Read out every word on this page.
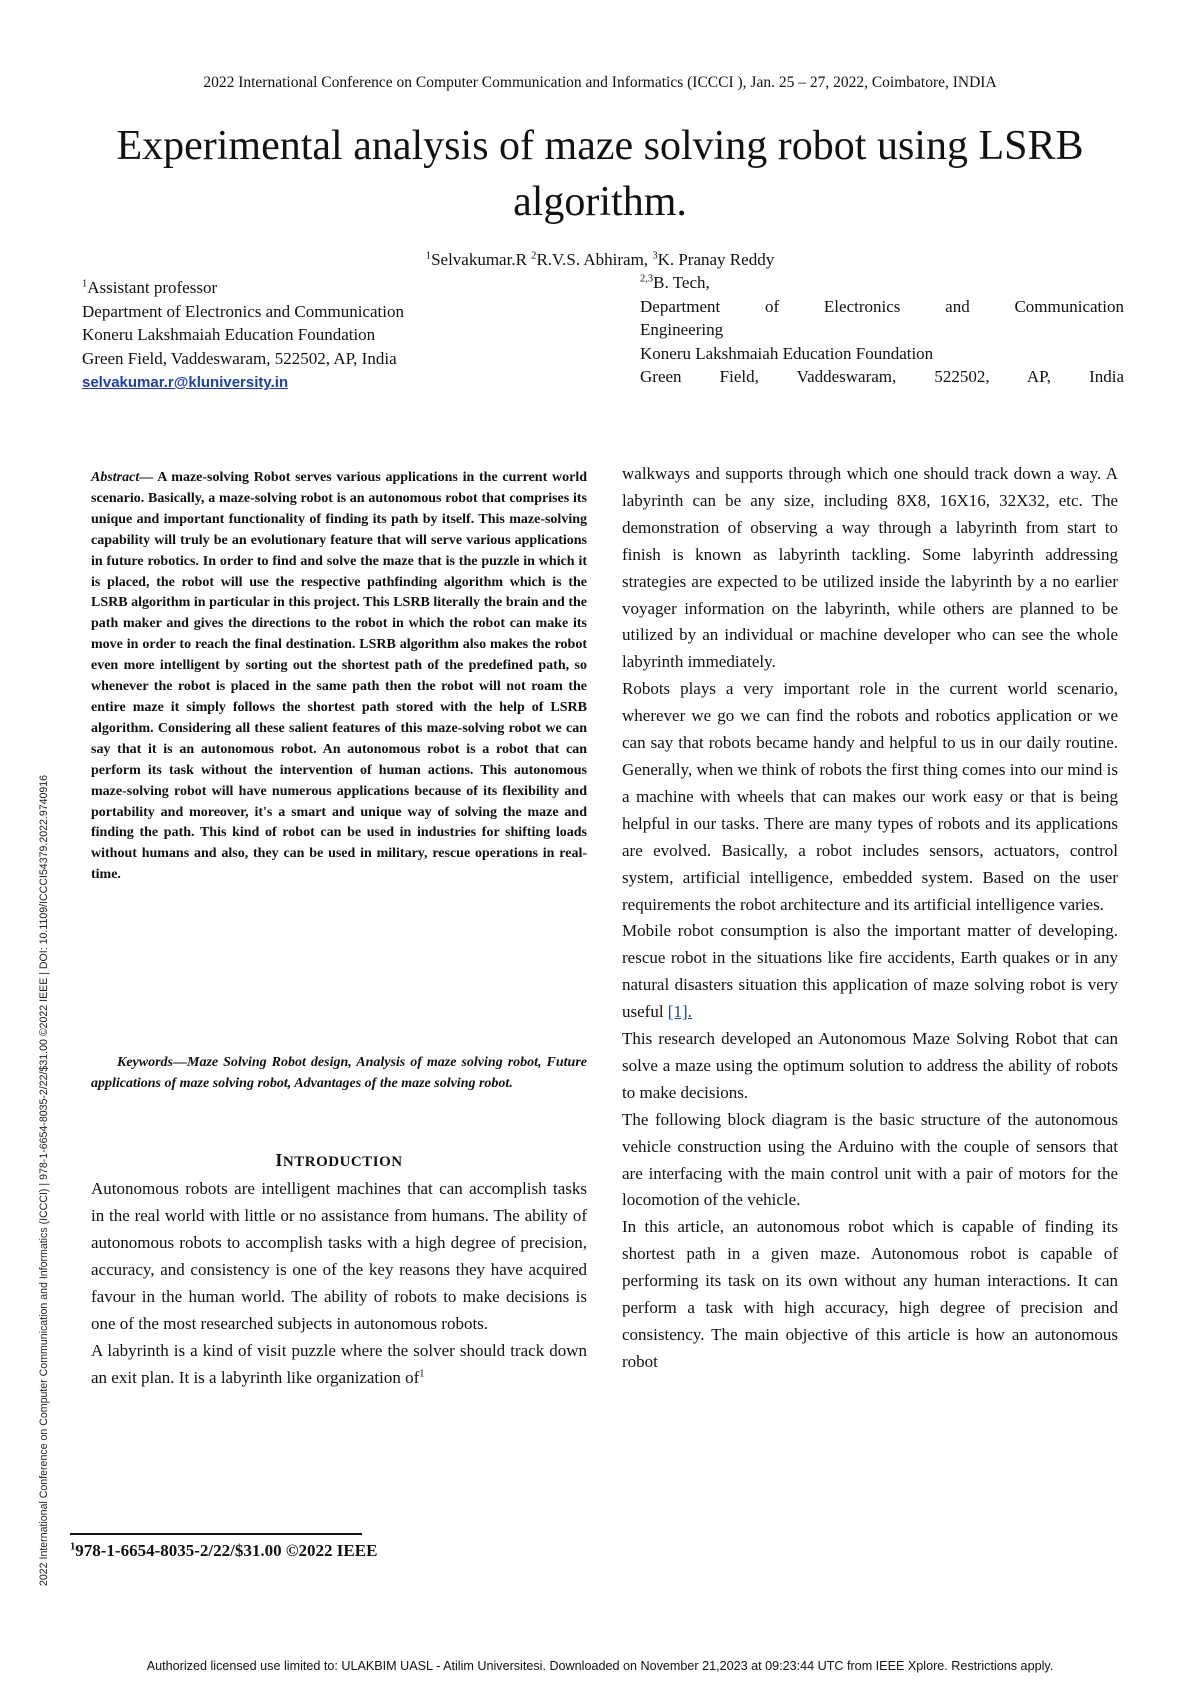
2022 International Conference on Computer Communication and Informatics (ICCCI ), Jan. 25 – 27, 2022, Coimbatore, INDIA
Experimental analysis of maze solving robot using LSRB algorithm.
$^1$Selvakumar.R $^2$R.V.S. Abhiram, $^3$K. Pranay Reddy
$^1$Assistant professor
Department of Electronics and Communication
Koneru Lakshmaiah Education Foundation
Green Field, Vaddeswaram, 522502, AP, India
selvakumar.r@kluniversity.in
$^{2,3}$B. Tech,
Department of Electronics and Communication
Engineering
Koneru Lakshmaiah Education Foundation
Green Field, Vaddeswaram, 522502, AP, India
2022 International Conference on Computer Communication and Informatics (ICCCI) | 978-1-6654-8035-2/22/$31.00 ©2022 IEEE | DOI: 10.1109/ICCCI54379.2022.9740916
Abstract— A maze-solving Robot serves various applications in the current world scenario. Basically, a maze-solving robot is an autonomous robot that comprises its unique and important functionality of finding its path by itself. This maze-solving capability will truly be an evolutionary feature that will serve various applications in future robotics. In order to find and solve the maze that is the puzzle in which it is placed, the robot will use the respective pathfinding algorithm which is the LSRB algorithm in particular in this project. This LSRB literally the brain and the path maker and gives the directions to the robot in which the robot can make its move in order to reach the final destination. LSRB algorithm also makes the robot even more intelligent by sorting out the shortest path of the predefined path, so whenever the robot is placed in the same path then the robot will not roam the entire maze it simply follows the shortest path stored with the help of LSRB algorithm. Considering all these salient features of this maze-solving robot we can say that it is an autonomous robot. An autonomous robot is a robot that can perform its task without the intervention of human actions. This autonomous maze-solving robot will have numerous applications because of its flexibility and portability and moreover, it's a smart and unique way of solving the maze and finding the path. This kind of robot can be used in industries for shifting loads without humans and also, they can be used in military, rescue operations in real-time.
Keywords—Maze Solving Robot design, Analysis of maze solving robot, Future applications of maze solving robot, Advantages of the maze solving robot.
INTRODUCTION

Autonomous robots are intelligent machines that can accomplish tasks in the real world with little or no assistance from humans. The ability of autonomous robots to accomplish tasks with a high degree of precision, accuracy, and consistency is one of the key reasons they have acquired favour in the human world. The ability of robots to make decisions is one of the most researched subjects in autonomous robots.

A labyrinth is a kind of visit puzzle where the solver should track down an exit plan. It is a labyrinth like organization $of^1$

walkways and supports through which one should track down a way. A labyrinth can be any size, including 8X8, 16X16, 32X32, etc. The demonstration of observing a way through a labyrinth from start to finish is known as labyrinth tackling. Some labyrinth addressing strategies are expected to be utilized inside the labyrinth by a no earlier voyager information on the labyrinth, while others are planned to be utilized by an individual or machine developer who can see the whole labyrinth immediately.

Robots plays a very important role in the current world scenario, wherever we go we can find the robots and robotics application or we can say that robots became handy and helpful to us in our daily routine. Generally, when we think of robots the first thing comes into our mind is a machine with wheels that can makes our work easy or that is being helpful in our tasks. There are many types of robots and its applications are evolved. Basically, a robot includes sensors, actuators, control system, artificial intelligence, embedded system. Based on the user requirements the robot architecture and its artificial intelligence varies.

Mobile robot consumption is also the important matter of developing. rescue robot in the situations like fire accidents, Earth quakes or in any natural disasters situation this application of maze solving robot is very useful [1].

This research developed an Autonomous Maze Solving Robot that can solve a maze using the optimum solution to address the ability of robots to make decisions.

The following block diagram is the basic structure of the autonomous vehicle construction using the Arduino with the couple of sensors that are interfacing with the main control unit with a pair of motors for the locomotion of the vehicle.

In this article, an autonomous robot which is capable of finding its shortest path in a given maze. Autonomous robot is capable of performing its task on its own without any human interactions. It can perform a task with high accuracy, high degree of precision and consistency. The main objective of this article is how an autonomous robot

$^1$978-1-6654-8035-2/22/$31.00 ©2022 IEEE
Authorized licensed use limited to: ULAKBIM UASL - Atilim Universitesi. Downloaded on November 21,2023 at 09:23:44 UTC from IEEE Xplore. Restrictions apply.
